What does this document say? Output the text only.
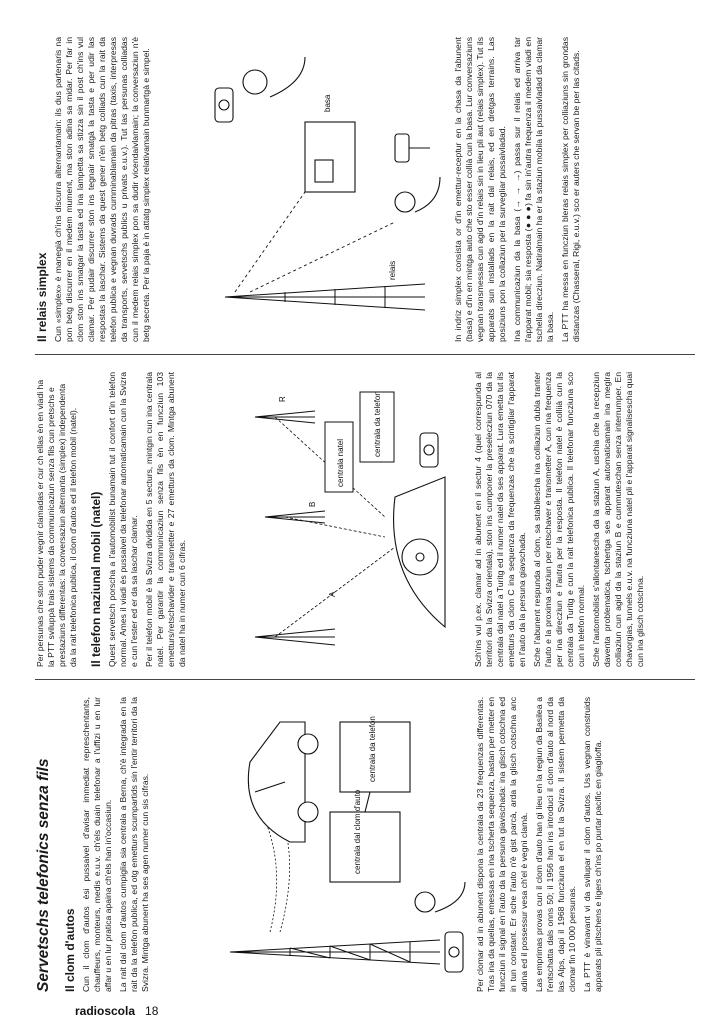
Servetschs telefonics senza fils Il clom d'autos Cun il clom d'autos èsi pussaivel d'avisar immediat represchentants, chauffeurs, monteurs, medis e.u.v. ch'els duain telefonar a l'uffizi u en lur affar u en lur pratica apaina ch'els han in'occasiun. La rait dal clom d'autos cumpiglia sia centrala a Berna, ch'è integrada en la rait da la telefon publica, ed otg emetturs scumpartids sin l'entir territori da la Svizra. Mintga abunent ha ses agen numer cun sis cifras.	centrala dal clom d'auto
centrala da telefon	Per clomar ad in abunent dispona la centrala da 23 frequenzas differentas. Tras ina da quellas, emessas en ina tscherta sequenza, bastan per metter en funcziun il signal en l'auto da la persuna giavischada: ina glisch cotschna ed in tun constant. Er sche l'auto n'è gist parcà, arda la glisch cotschna anc adina ed il possessur vesa ch'el è vegnì clamà. Las emprimas provas cun il clom d'auto han gì lieu en la regiun da Basilea a l'entschatta dals onns 50; il 1956 han ins introducì il clom d'auto al nord da las Alps, dapi il 1968 funcziuna el en tut la Svizra. Il sistem permetta da clomar fin 10 000 persunas. La PTT è vinavant vi da svilupar il clom d'autos. Uss vegnan construids apparats pli pitschens e ligers ch'ins po purtar pacific en giaglioffa.

Per persunas che ston puder vegnir clamadas er cur ch ellas èn en viadi ha la PTT sviluppà trais sistems da communicaziun senza fils cun pretschs e prestaziuns differentas: la conversaziun alternanta (simplex) independenta da la rait telefonica publica, il clom d'autos ed il telefon mobil (natel). Il telefon naziunal mobil (natel) Quest servetsch porscha a l'automobilist bunamain tut il confort d'in telefon normal. Ames il viadi ès pussaivel da telefonar automaticamain cun la Svizra e cun l'ester ed er da sa laschar clamar. Per il telefon mobil è la Svizra dividida en 5 secturs, mintgin cun ina centrala natel. Per garantir la communicaziun senza fils èn en funcziun 103 emetturs/retschavider e transmetter e 27 emetturs da clom. Mintga abunent da natel ha in numer cun 6 cifras.	A
B
R
centrala natel
centrala da telefon	Sch'ins vul p.ex. clamar ad in abunent en il sectur 4 (quel correspunda al territori da la Svizra orientala), ston ins cumponer la preselecziun 070 da la centrala dal natel a Turitg ed il numer natel da ses apparat. Lura emetta tut ils emetturs da clom C ina sequenza da frequenzas che la scintigliar l'apparat en l'auto da la persuna giavschada. Sche l'abunent respunda al clom, sa stabilescha ina colliaziun dubla tranter l'auto e la proxima staziun per retschaver e transmetter A, cun ina frequenza per ina direcziun e l'autra per la resposta. Il telefon natel è colliià cun la centrala da Turitg e cun la rait telefonica publica. Il telefonar funcziuna sco cun in telefon normal. Sche l'automobilist s'allontanescha da la staziun A, uschia che la recepziun daventa problematica, tschertga ses apparat automaticamain ina meglra colliaziun cun agid da la staziun B e cummuteschan senza interrumper. En chavorgias, tunnels e.u.v. na funcziuna natel pli e l'apparat signalisescha quai cun ina glisch cotschna.

Il relais simplex Cun «simplex» è manegià ch'ins discurra alternantamain: ils dus partenaris na pon betg discurrer en il medem mument, ma ston adina sa midar. Per far in clom ston ins smatgar la tasta ed ina lampetta sa stizza sin il post ch'ins vul clamar. Per pudair discurrer ston ins tegnair smatgà la tasta e per udir las respostas la laschar. Sistems da quest gener n'èn betg colliads cun la rait da telefon publica e vegnan duvrads cumminablamain da pitras (taxis, interpresas da transports, servetschs publics u privats e.u.v.). Tut las persunas colliadas cun il medem relais simplex pon sa dudir vicendaivlamain; la conversaziun n'è betg secreta. Per la paja è in attatg simplex relativamain bunmartgà e simpel.	relais
basa	In indriz simplex consista or d'in emettur-receptur en la chasa da l'abunent (basa) e d'in en mintga auto che sto esser collià cun la basa. Lur conversaziuns vegnan transmessas cun agid d'in relais sin in lieu pli aut (relais simplex). Tut ils apparats sun installads en la rait dal relais, ed en dretgas terrains. Las posiziuns pon la collaziun per la survegliar pussaivladad. Ina communicaziun da la basa (→ → →) passa sur il relais ed arriva tar l'apparat mobil; sia resposta (● ● ●) fa sin in'autra frequenza il medem viadi en tschella direcziun. Natiralmain ha er la staziun mobila la pussaivladad da clamar la basa. La PTT ha messa en funcziun bleras relais simplex per colliaziuns sin grondas distanzas (Chasseral, Rigi, e.u.v.) sco er auters che servan be per las citads.

radioscola 18
